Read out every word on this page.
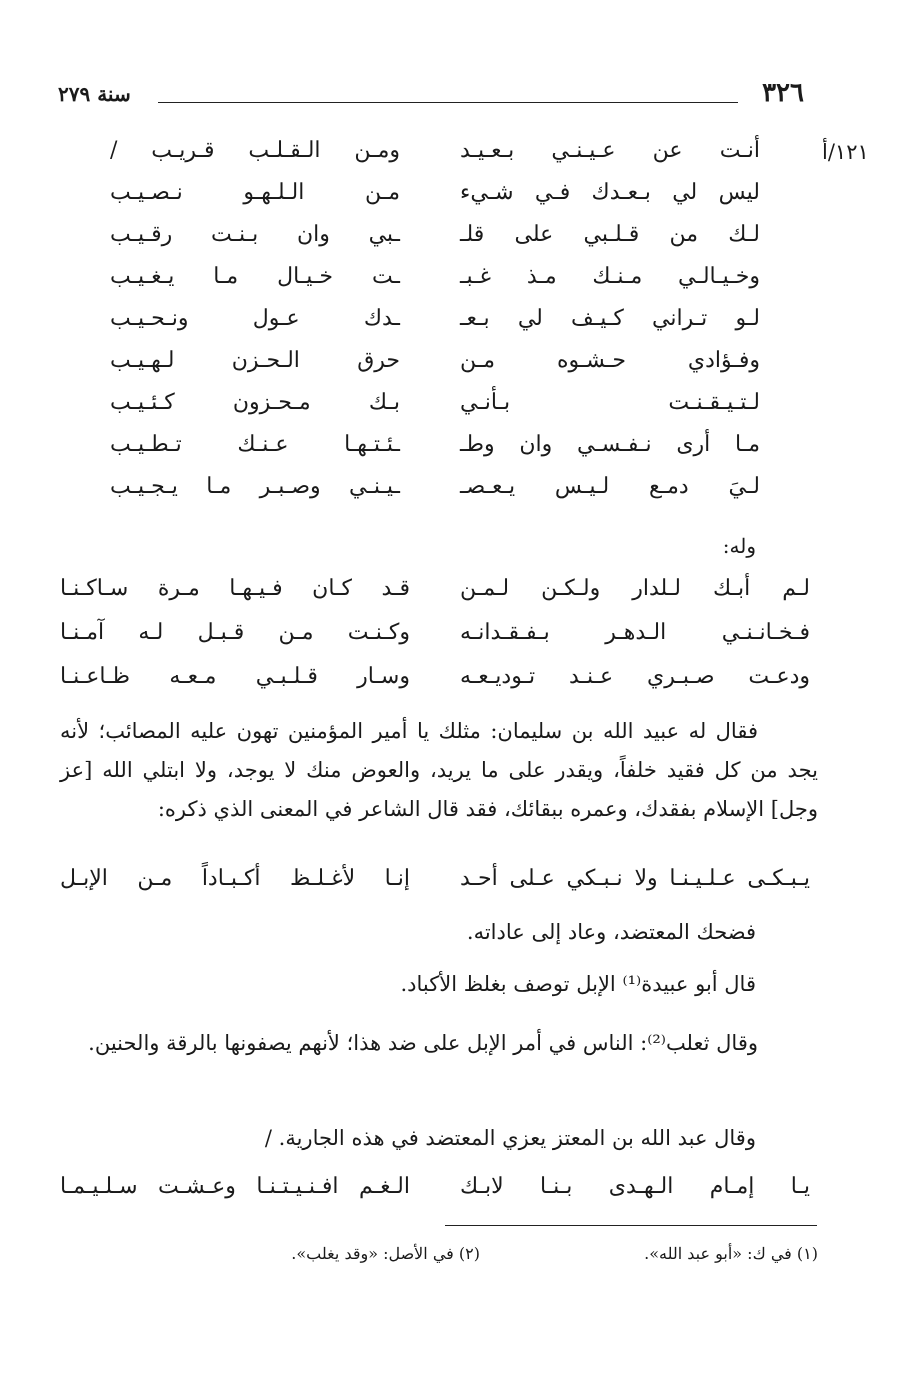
٣٢٦
سنة ٢٧٩
١٢١/أ
أنـت عن عـيـنـي بـعـيـد
ومـن الـقـلـب قـريـب /
ليس لي بـعـدك فـي شـيء
مـن الـلـهـو نـصـيـب
لـك من قـلـبي على قلـ
ـبي وان بـنـت رقـيـب
وخـيـالـي مـنـك مـذ غـبـ
ـت خـيـال مـا يـغـيـب
لـو تـراني كـيـف لي بـعـ
ـدك عـول ونـحـيـب
وفـؤادي حـشـوه مـن
حرق الـحـزن لـهـيـب
لـتـيـقـنـت بـأنـي
بـك مـحـزون كـئـيـب
مـا أرى نـفـسـي وان وطـ
ـئـتـهـا عـنـك تـطـيـب
لـيَ دمـع لـيـس يـعـصـ
ـيـنـي وصـبـر مـا يـجـيـب
وله:
لـم أبـك لـلدار ولـكـن لـمـن
قـد كـان فـيـهـا مـرة سـاكـنـا
فـخـانـنـي الـدهـر بـفـقـدانـه
وكـنـت مـن قـبـل لـه آمـنـا
ودعـت صـبـري عـنـد تـوديـعـه
وسـار قـلـبـي مـعـه ظـاعـنـا

فقال له عبيد الله بن سليمان: مثلك يا أمير المؤمنين تهون عليه المصائب؛ لأنه يجد من كل فقيد خلفاً، ويقدر على ما يريد، والعوض منك لا يوجد، ولا ابتلي الله [عز وجل] الإسلام بفقدك، وعمره ببقائك، فقد قال الشاعر في المعنى الذي ذكره:

يـبـكـى عـلـيـنـا ولا نـبـكي عـلى أحـد
إنـا لأغـلـظ أكـبـاداً مـن الإبـل
فضحك المعتضد، وعاد إلى عاداته.
قال أبو عبيدة⁽¹⁾ الإبل توصف بغلظ الأكباد.

وقال ثعلب⁽²⁾: الناس في أمر الإبل على ضد هذا؛ لأنهم يصفونها بالرقة والحنين.

وقال عبد الله بن المعتز يعزي المعتضد في هذه الجارية. /
يـا إمـام الـهـدى بـنـا لابـك
الـغـم افـنـيـتـنـا وعـشـت سـلـيـمـا
(١) في ك: «أبو عبد الله».
(٢) في الأصل: «وقد يغلب».
